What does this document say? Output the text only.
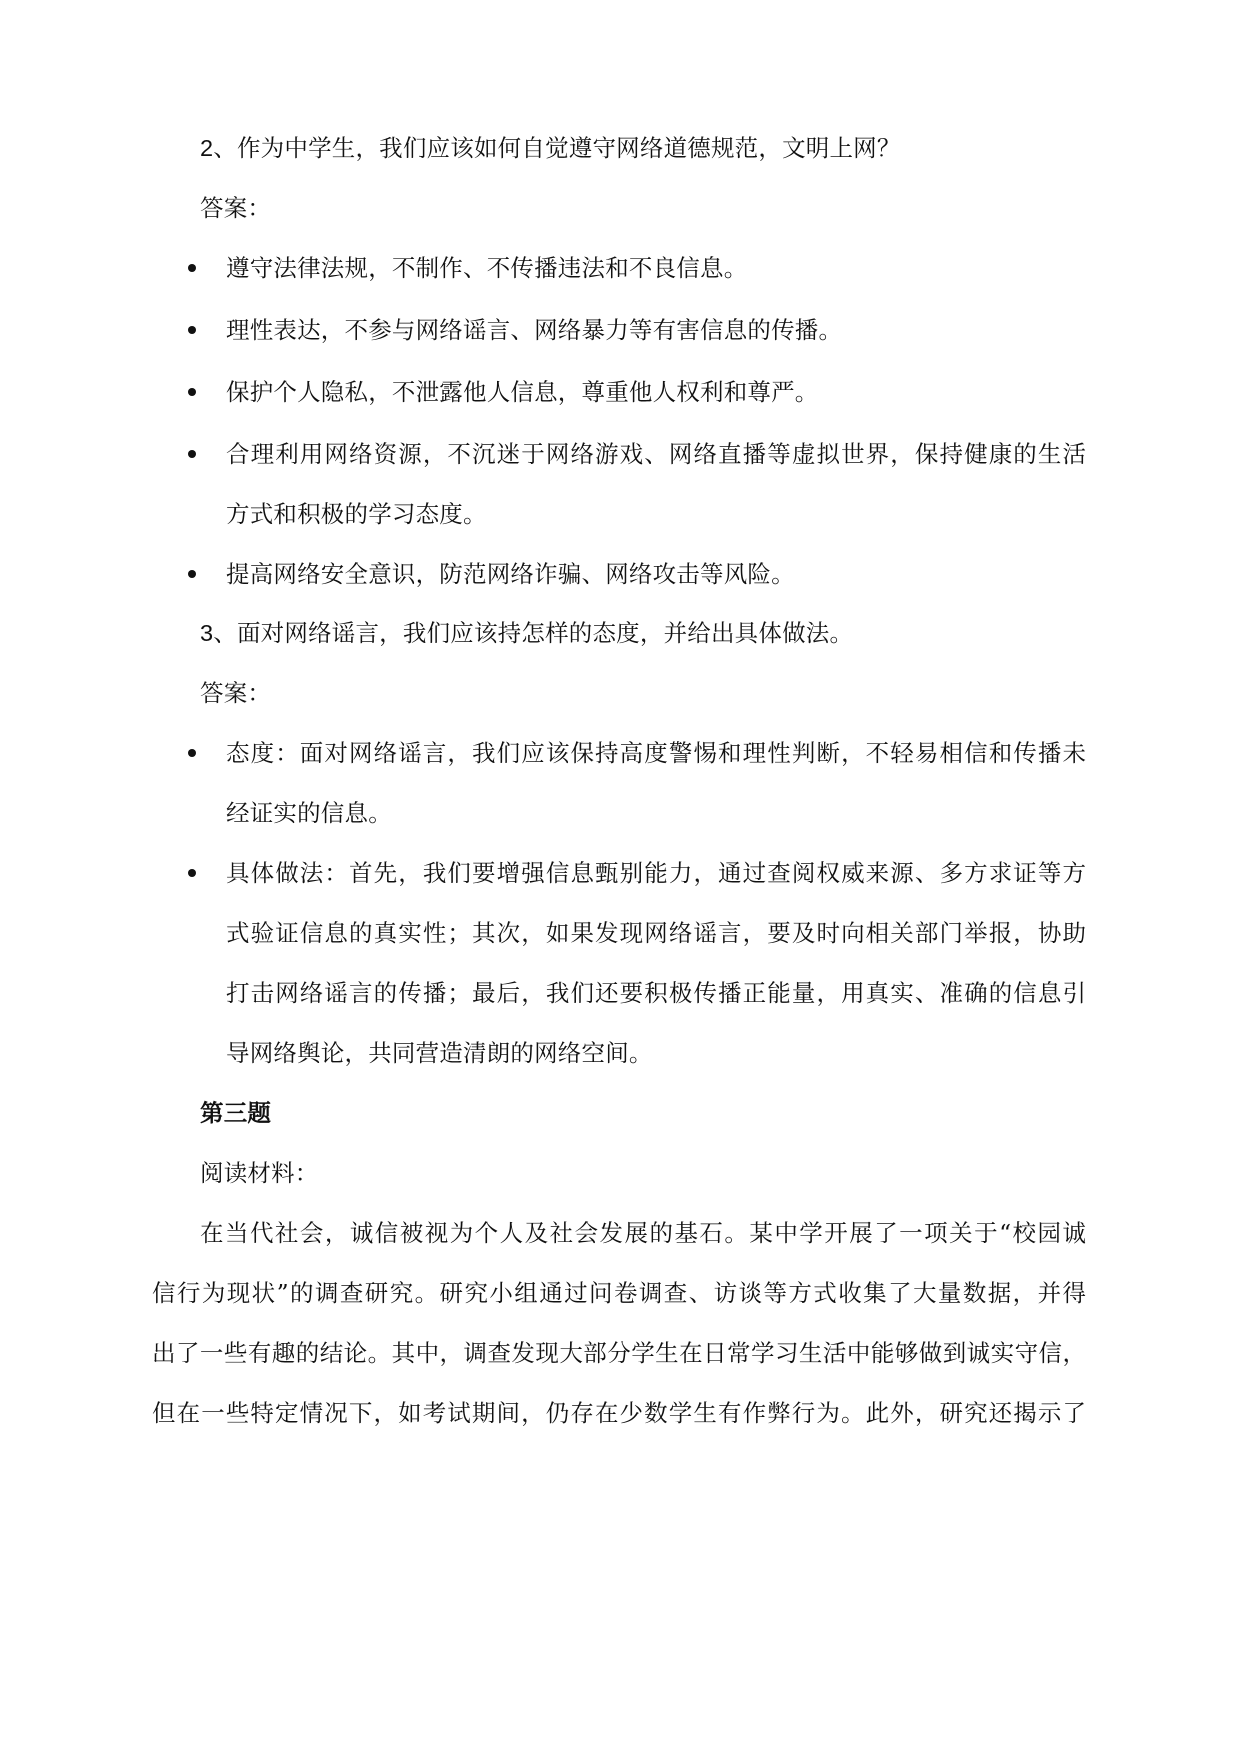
2、作为中学生，我们应该如何自觉遵守网络道德规范，文明上网？
答案：
遵守法律法规，不制作、不传播违法和不良信息。
理性表达，不参与网络谣言、网络暴力等有害信息的传播。
保护个人隐私，不泄露他人信息，尊重他人权利和尊严。
合理利用网络资源，不沉迷于网络游戏、网络直播等虚拟世界，保持健康的生活
方式和积极的学习态度。
提高网络安全意识，防范网络诈骗、网络攻击等风险。
3、面对网络谣言，我们应该持怎样的态度，并给出具体做法。
答案：
态度：面对网络谣言，我们应该保持高度警惕和理性判断，不轻易相信和传播未
经证实的信息。
具体做法：首先，我们要增强信息甄别能力，通过查阅权威来源、多方求证等方
式验证信息的真实性；其次，如果发现网络谣言，要及时向相关部门举报，协助
打击网络谣言的传播；最后，我们还要积极传播正能量，用真实、准确的信息引
导网络舆论，共同营造清朗的网络空间。
第三题
阅读材料：
在当代社会，诚信被视为个人及社会发展的基石。某中学开展了一项关于“校园诚
信行为现状”的调查研究。研究小组通过问卷调查、访谈等方式收集了大量数据，并得
出了一些有趣的结论。其中，调查发现大部分学生在日常学习生活中能够做到诚实守信，
但在一些特定情况下，如考试期间，仍存在少数学生有作弊行为。此外，研究还揭示了
